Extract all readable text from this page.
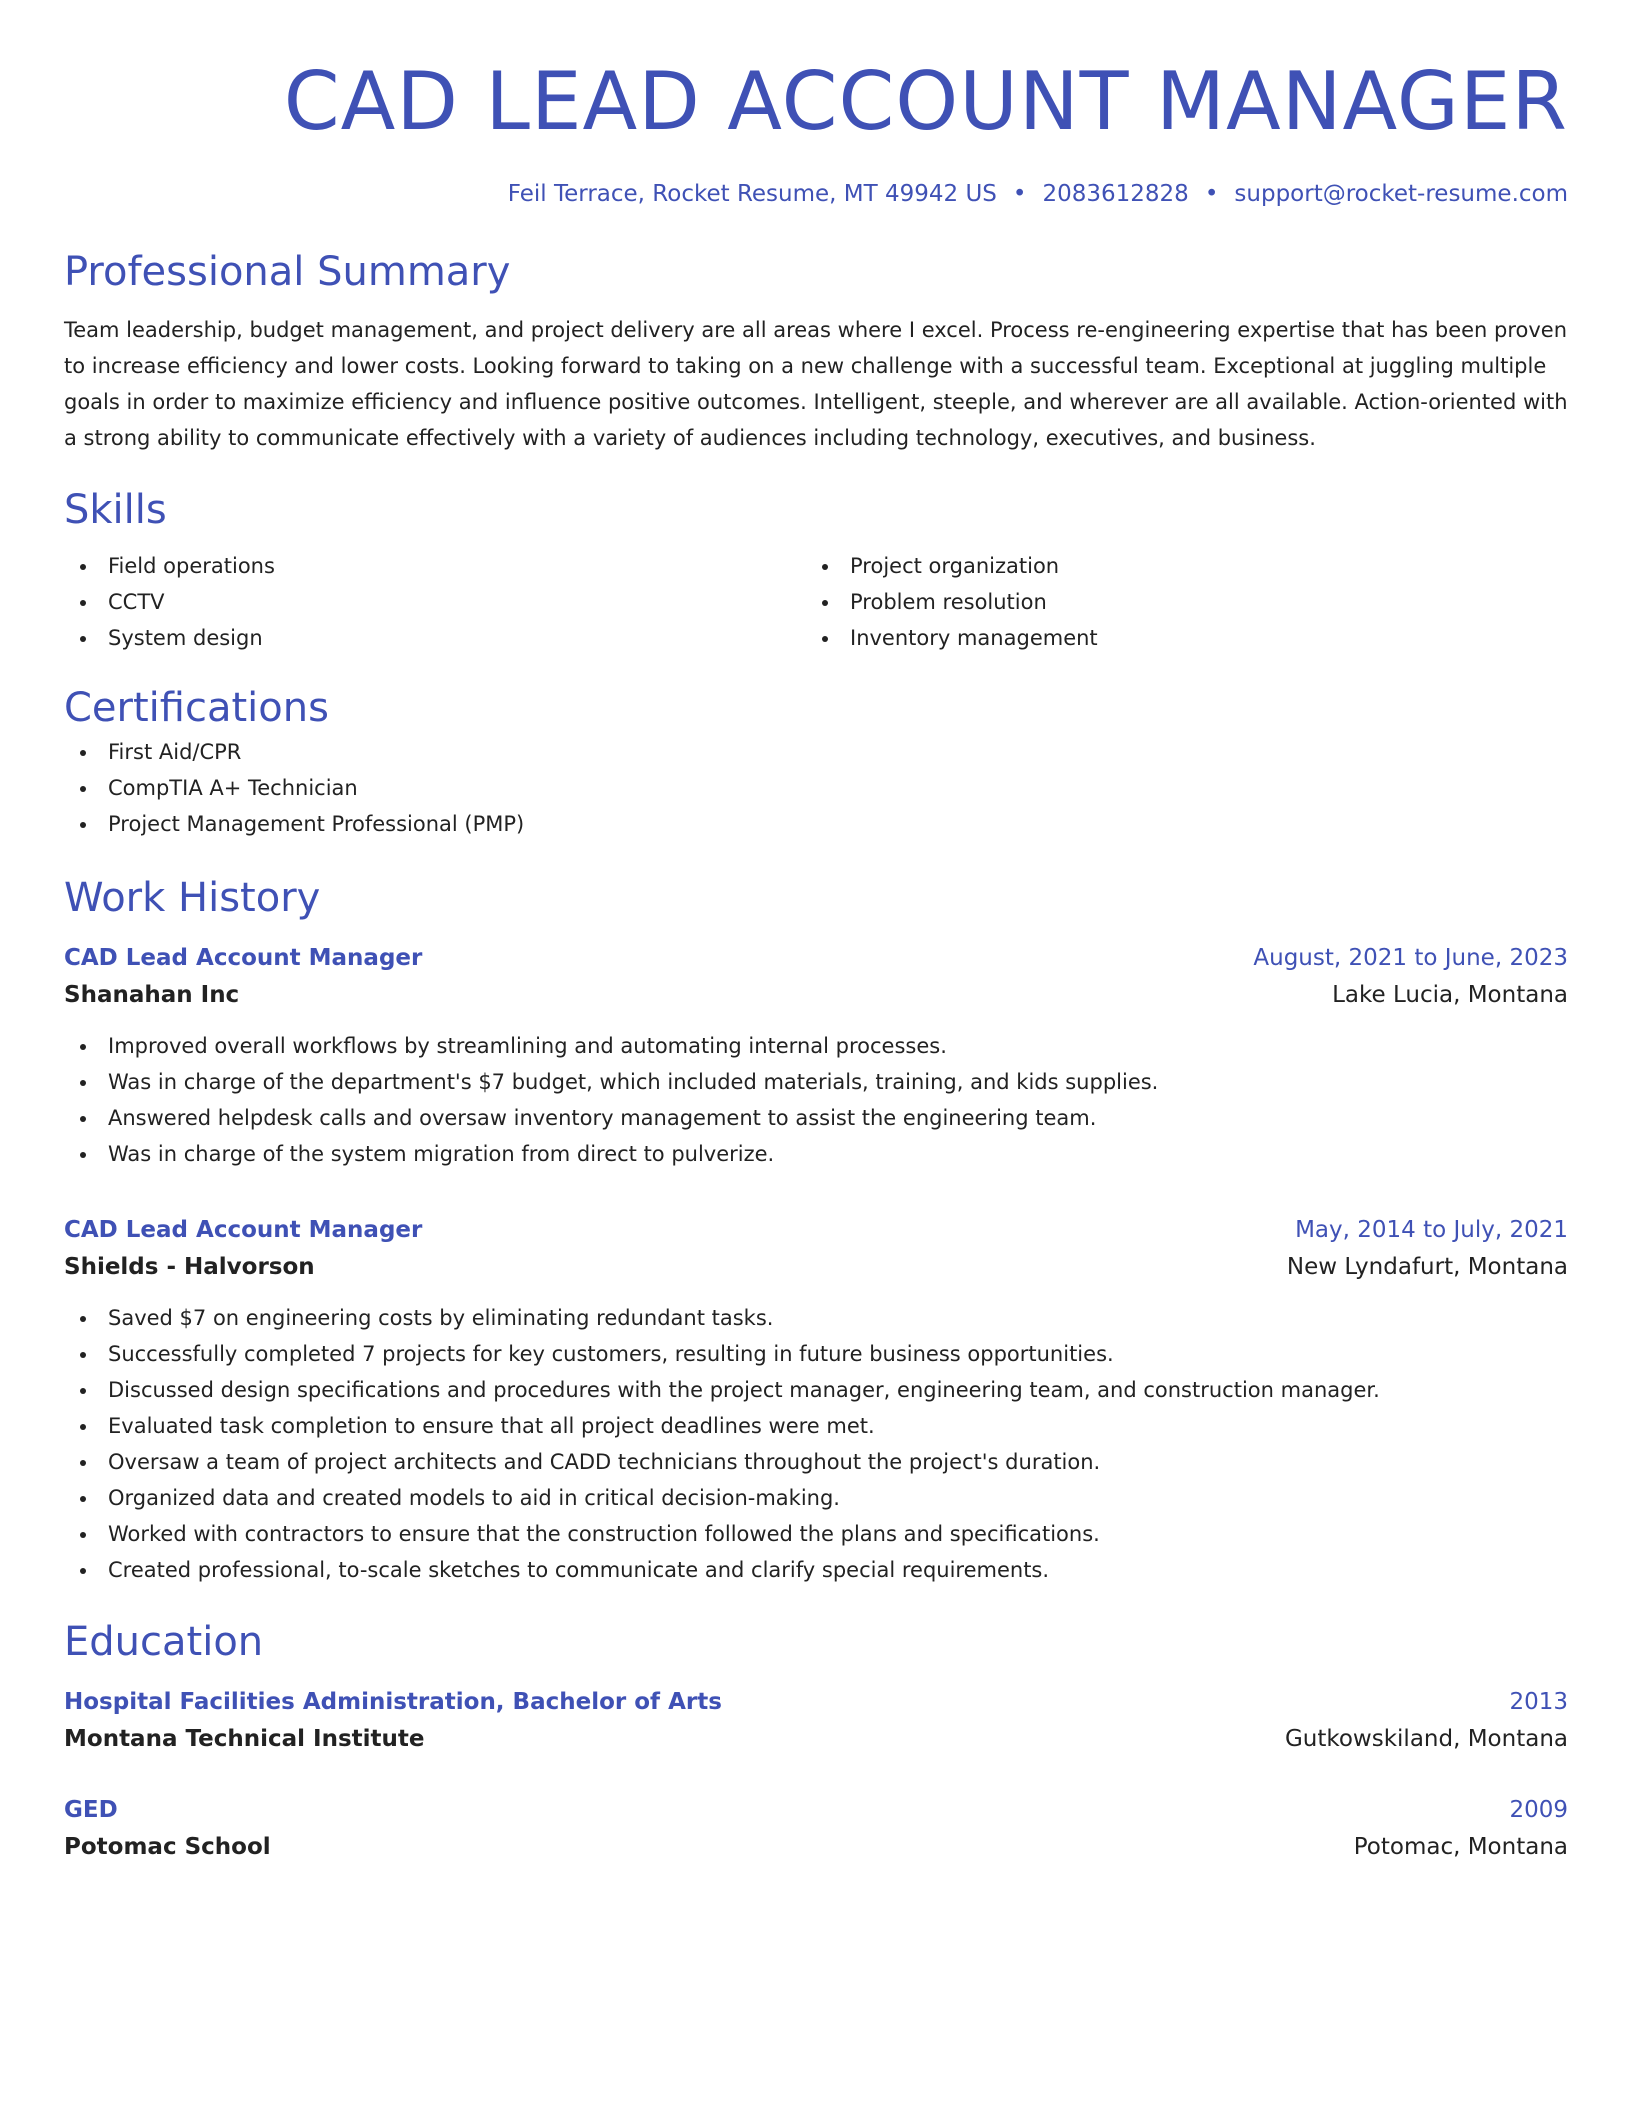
CAD LEAD ACCOUNT MANAGER
Feil Terrace, Rocket Resume, MT 49942 US • 2083612828 • support@rocket-resume.com
Professional Summary

Team leadership, budget management, and project delivery are all areas where I excel. Process re-engineering expertise that has been proven to increase efficiency and lower costs. Looking forward to taking on a new challenge with a successful team. Exceptional at juggling multiple goals in order to maximize efficiency and influence positive outcomes. Intelligent, steeple, and wherever are all available. Action-oriented with a strong ability to communicate effectively with a variety of audiences including technology, executives, and business.

Skills
Field operations
CCTV
System design
Project organization
Problem resolution
Inventory management
Certifications
First Aid/CPR
CompTIA A+ Technician
Project Management Professional (PMP)
Work History
CAD Lead Account Manager	August, 2021 to June, 2023
Shanahan Inc	Lake Lucia, Montana
Improved overall workflows by streamlining and automating internal processes.
Was in charge of the department's $7 budget, which included materials, training, and kids supplies.
Answered helpdesk calls and oversaw inventory management to assist the engineering team.
Was in charge of the system migration from direct to pulverize.
CAD Lead Account Manager	May, 2014 to July, 2021
Shields - Halvorson	New Lyndafurt, Montana
Saved $7 on engineering costs by eliminating redundant tasks.
Successfully completed 7 projects for key customers, resulting in future business opportunities.
Discussed design specifications and procedures with the project manager, engineering team, and construction manager.
Evaluated task completion to ensure that all project deadlines were met.
Oversaw a team of project architects and CADD technicians throughout the project's duration.
Organized data and created models to aid in critical decision-making.
Worked with contractors to ensure that the construction followed the plans and specifications.
Created professional, to-scale sketches to communicate and clarify special requirements.
Education
Hospital Facilities Administration, Bachelor of Arts	2013
Montana Technical Institute	Gutkowskiland, Montana
GED	2009
Potomac School	Potomac, Montana
